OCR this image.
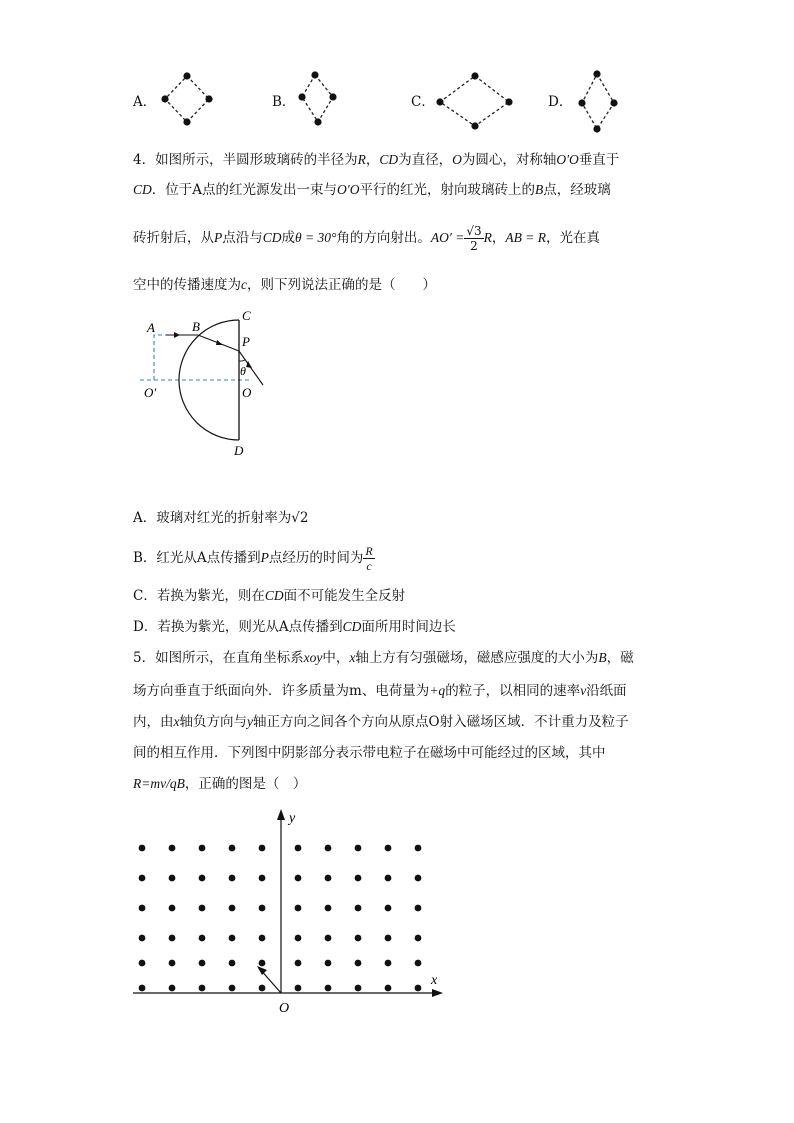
A．	B．	C．	D．
4．如图所示，半圆形玻璃砖的半径为R，CD为直径，O为圆心，对称轴O′O垂直于
CD．位于A点的红光源发出一束与O′O平行的红光，射向玻璃砖上的B点，经玻璃
砖折射后，从P点沿与CD成θ = 30°角的方向射出。$AO' = \frac{√3}{2}$ R，AB = R，光在真
空中的传播速度为c，则下列说法正确的是（　　）
A	B
C
P
θ
O′	O
D
A．玻璃对红光的折射率为√2
B．红光从A点传播到P点经历的时间为 $\frac{R}{c}$
C．若换为紫光，则在CD面不可能发生全反射
D．若换为紫光，则光从A点传播到CD面所用时间边长
5．如图所示，在直角坐标系xoy中，x轴上方有匀强磁场，磁感应强度的大小为B，磁
场方向垂直于纸面向外．许多质量为m、电荷量为+q的粒子，以相同的速率v沿纸面
内，由x轴负方向与y轴正方向之间各个方向从原点O射入磁场区域．不计重力及粒子
间的相互作用．下列图中阴影部分表示带电粒子在磁场中可能经过的区域，其中
R=mv/qB，正确的图是（　）
y
x
O
